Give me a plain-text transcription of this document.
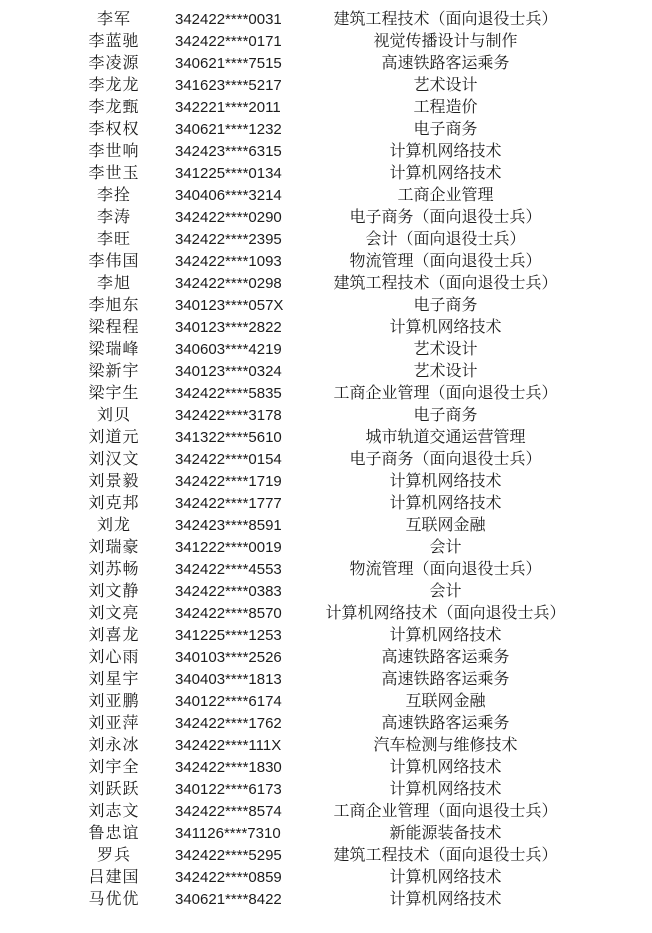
李军	342422****0031	建筑工程技术（面向退役士兵）
李蓝驰	342422****0171	视觉传播设计与制作
李凌源	340621****7515	高速铁路客运乘务
李龙龙	341623****5217	艺术设计
李龙甄	342221****2011	工程造价
李权权	340621****1232	电子商务
李世响	342423****6315	计算机网络技术
李世玉	341225****0134	计算机网络技术
李拴	340406****3214	工商企业管理
李涛	342422****0290	电子商务（面向退役士兵）
李旺	342422****2395	会计（面向退役士兵）
李伟国	342422****1093	物流管理（面向退役士兵）
李旭	342422****0298	建筑工程技术（面向退役士兵）
李旭东	340123****057X	电子商务
梁程程	340123****2822	计算机网络技术
梁瑞峰	340603****4219	艺术设计
梁新宇	340123****0324	艺术设计
梁宇生	342422****5835	工商企业管理（面向退役士兵）
刘贝	342422****3178	电子商务
刘道元	341322****5610	城市轨道交通运营管理
刘汉文	342422****0154	电子商务（面向退役士兵）
刘景毅	342422****1719	计算机网络技术
刘克邦	342422****1777	计算机网络技术
刘龙	342423****8591	互联网金融
刘瑞豪	341222****0019	会计
刘苏畅	342422****4553	物流管理（面向退役士兵）
刘文静	342422****0383	会计
刘文亮	342422****8570	计算机网络技术（面向退役士兵）
刘喜龙	341225****1253	计算机网络技术
刘心雨	340103****2526	高速铁路客运乘务
刘星宇	340403****1813	高速铁路客运乘务
刘亚鹏	340122****6174	互联网金融
刘亚萍	342422****1762	高速铁路客运乘务
刘永冰	342422****111X	汽车检测与维修技术
刘宇全	342422****1830	计算机网络技术
刘跃跃	340122****6173	计算机网络技术
刘志文	342422****8574	工商企业管理（面向退役士兵）
鲁忠谊	341126****7310	新能源装备技术
罗兵	342422****5295	建筑工程技术（面向退役士兵）
吕建国	342422****0859	计算机网络技术
马优优	340621****8422	计算机网络技术
